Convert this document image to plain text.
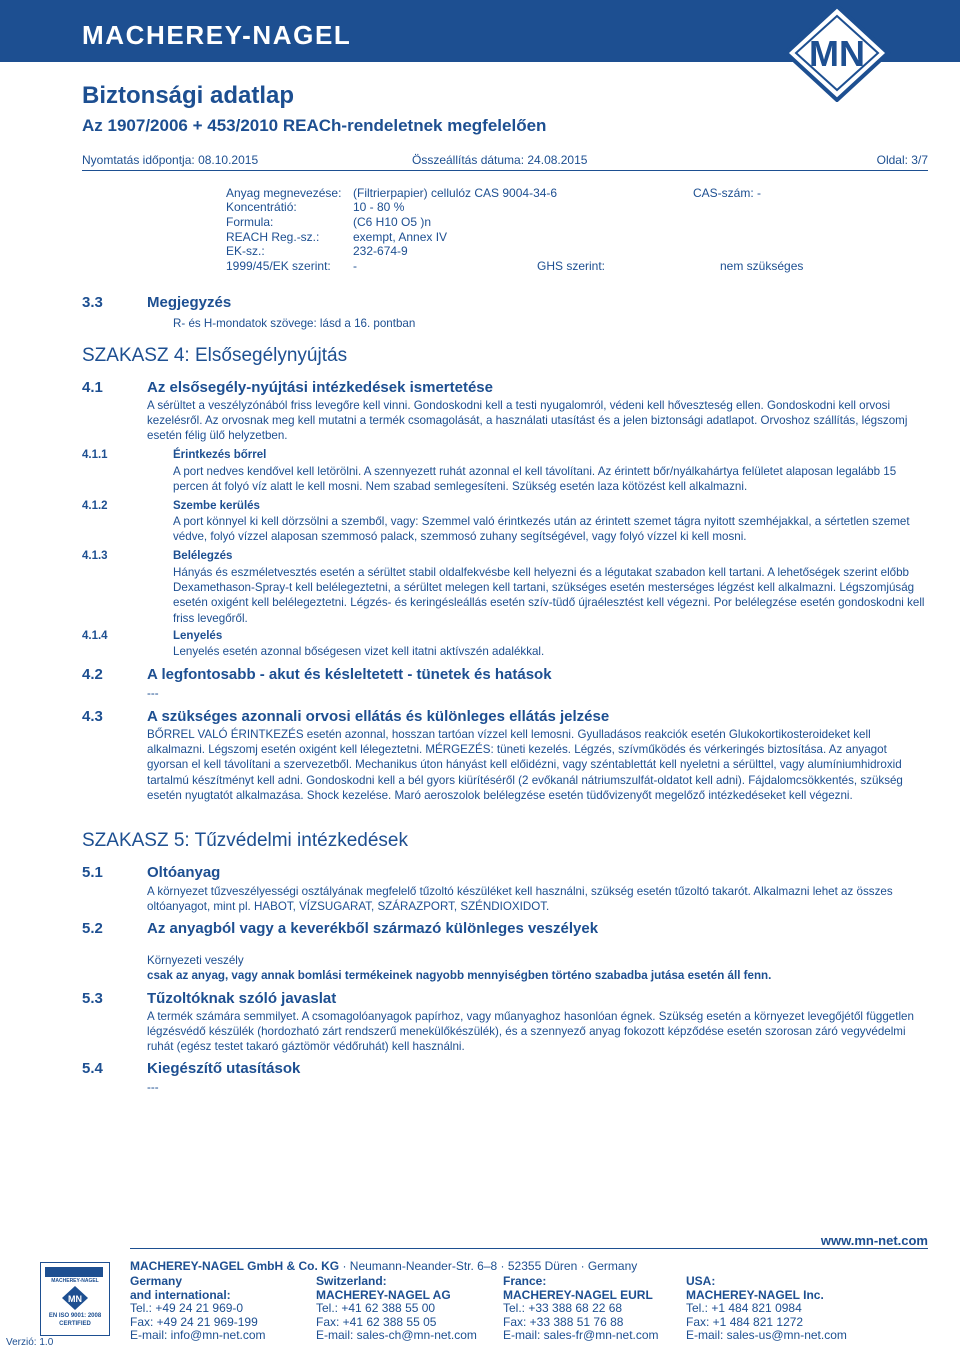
MACHEREY-NAGEL	MN
Biztonsági adatlap
Az 1907/2006 + 453/2010 REACh-rendeletnek megfelelően
Nyomtatás időpontja: 08.10.2015	Összeállítás dátuma: 24.08.2015	Oldal: 3/7
Anyag megnevezése: (Filtrierpapier) cellulóz CAS 9004-34-6	CAS-szám: -
Koncentrátió:	10 - 80 %
Formula:	(C6 H10 O5 )n
REACH Reg.-sz.:	exempt, Annex IV
EK-sz.:	232-674-9
1999/45/EK szerint: -	GHS szerint:	nem szükséges
3.3	Megjegyzés
R- és H-mondatok szövege: lásd a 16. pontban
SZAKASZ 4: Elsősegélynyújtás
4.1	Az elsősegély-nyújtási intézkedések ismertetése
A sérültet a veszélyzónából friss levegőre kell vinni. Gondoskodni kell a testi nyugalomról, védeni kell hőveszteség ellen. Gondoskodni kell orvosi kezelésről. Az orvosnak meg kell mutatni a termék csomagolását, a használati utasítást és a jelen biztonsági adatlapot. Orvoshoz szállítás, légszomj esetén félig ülő helyzetben.
4.1.1	Érintkezés bőrrel
A port nedves kendővel kell letörölni. A szennyezett ruhát azonnal el kell távolítani. Az érintett bőr/nyálkahártya felületet alaposan legalább 15 percen át folyó víz alatt le kell mosni. Nem szabad semlegesíteni. Szükség esetén laza kötözést kell alkalmazni.
4.1.2	Szembe kerülés
A port könnyel ki kell dörzsölni a szemből, vagy: Szemmel való érintkezés után az érintett szemet tágra nyitott szemhéjakkal, a sértetlen szemet védve, folyó vízzel alaposan szemmosó palack, szemmosó zuhany segítségével, vagy folyó vízzel ki kell mosni.
4.1.3	Belélegzés
Hányás és eszméletvesztés esetén a sérültet stabil oldalfekvésbe kell helyezni és a légutakat szabadon kell tartani. A lehetőségek szerint előbb Dexamethason-Spray-t kell belélegeztetni, a sérültet melegen kell tartani, szükséges esetén mesterséges légzést kell alkalmazni. Légszomjúság esetén oxigént kell belélegeztetni. Légzés- és keringésleállás esetén szív-tüdő újraélesztést kell végezni. Por belélegzése esetén gondoskodni kell friss levegőről.
4.1.4	Lenyelés
Lenyelés esetén azonnal bőségesen vizet kell itatni aktívszén adalékkal.
4.2	A legfontosabb - akut és késleltetett - tünetek és hatások
---
4.3	A szükséges azonnali orvosi ellátás és különleges ellátás jelzése
BŐRREL VALÓ ÉRINTKEZÉS esetén azonnal, hosszan tartóan vízzel kell lemosni. Gyulladásos reakciók esetén Glukokortikosteroideket kell alkalmazni. Légszomj esetén oxigént kell lélegeztetni. MÉRGEZÉS: tüneti kezelés. Légzés, szívműködés és vérkeringés biztosítása. Az anyagot gyorsan el kell távolítani a szervezetből. Mechanikus úton hányást kell előidézni, vagy széntablettát kell nyeletni a sérülttel, vagy alumíniumhidroxid tartalmú készítményt kell adni. Gondoskodni kell a bél gyors kiürítéséről (2 evőkanál nátriumszulfát-oldatot kell adni). Fájdalomcsökkentés, szükség esetén nyugtatót alkalmazása. Shock kezelése. Maró aeroszolok belélegzése esetén tüdővizenyőt megelőző intézkedéseket kell végezni.
SZAKASZ 5: Tűzvédelmi intézkedések
5.1	Oltóanyag
A környezet tűzveszélyességi osztályának megfelelő tűzoltó készüléket kell használni, szükség esetén tűzoltó takarót. Alkalmazni lehet az összes oltóanyagot, mint pl. HABOT, VÍZSUGARAT, SZÁRAZPORT, SZÉNDIOXIDOT.
5.2	Az anyagból vagy a keverékből származó különleges veszélyek
Környezeti veszély
csak az anyag, vagy annak bomlási termékeinek nagyobb mennyiségben történo szabadba jutása esetén áll fenn.
5.3	Tűzoltóknak szóló javaslat
A termék számára semmilyet. A csomagolóanyagok papírhoz, vagy műanyaghoz hasonlóan égnek. Szükség esetén a környezet levegőjétől független légzésvédő készülék (hordozható zárt rendszerű menekülőkészülék), és a szennyező anyag fokozott képződése esetén szorosan záró vegyvédelmi ruhát (egész testet takaró gáztömör védőruhát) kell használni.
5.4	Kiegészítő utasítások
---
www.mn-net.com
MACHEREY-NAGEL
MN
EN ISO 9001: 2008
CERTIFIED
Verzió: 1.0
MACHEREY-NAGEL GmbH & Co. KG · Neumann-Neander-Str. 6–8 · 52355 Düren · Germany
Germany
and international:
Tel.: +49 24 21 969-0
Fax: +49 24 21 969-199
E-mail: info@mn-net.com
Switzerland:
MACHEREY-NAGEL AG
Tel.: +41 62 388 55 00
Fax: +41 62 388 55 05
E-mail: sales-ch@mn-net.com
France:
MACHEREY-NAGEL EURL
Tel.: +33 388 68 22 68
Fax: +33 388 51 76 88
E-mail: sales-fr@mn-net.com
USA:
MACHEREY-NAGEL Inc.
Tel.: +1 484 821 0984
Fax: +1 484 821 1272
E-mail: sales-us@mn-net.com
